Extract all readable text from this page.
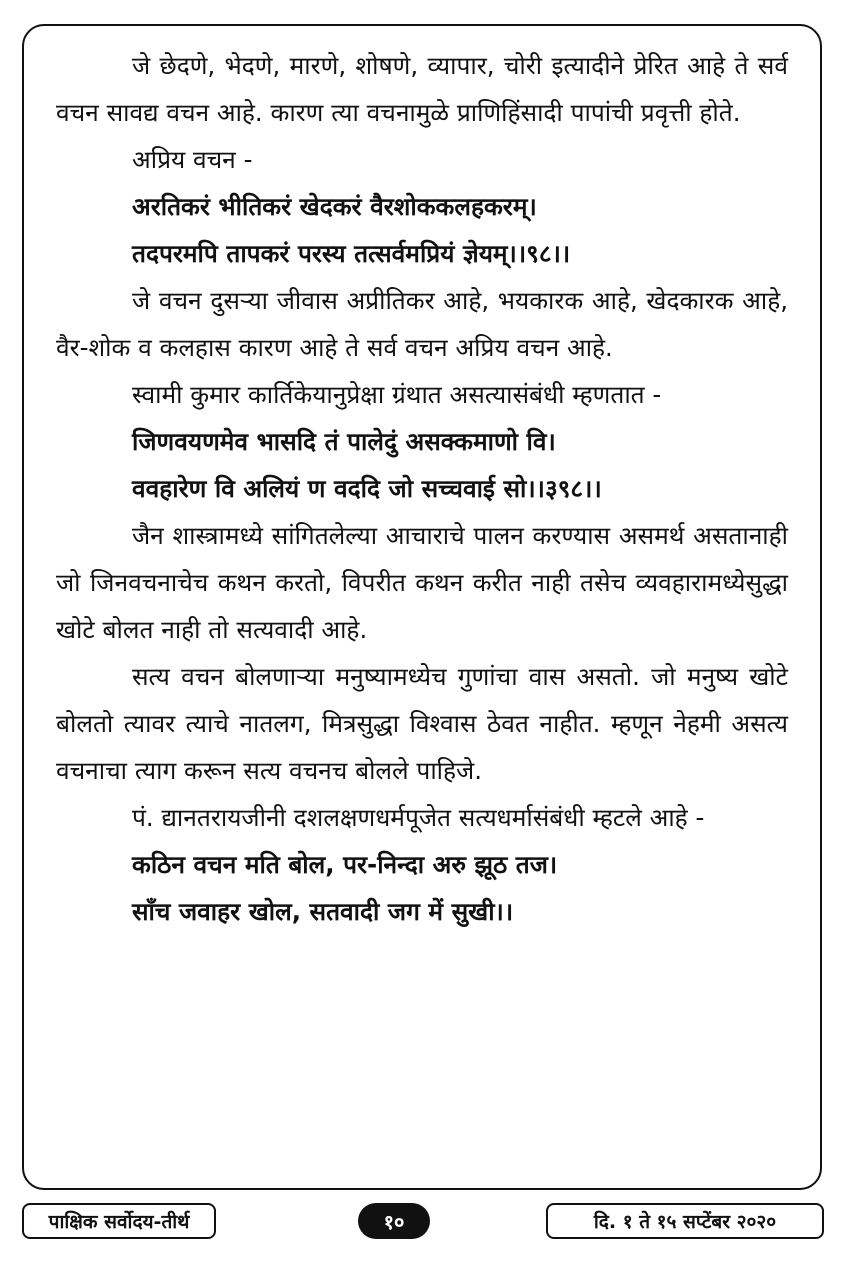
जे छेदणे, भेदणे, मारणे, शोषणे, व्यापार, चोरी इत्यादीने प्रेरित आहे ते सर्व वचन सावद्य वचन आहे. कारण त्या वचनामुळे प्राणिहिंसादी पापांची प्रवृत्ती होते.

अप्रिय वचन -

अरतिकरं भीतिकरं खेदकरं वैरशोककलहकरम्।

तदपरमपि तापकरं परस्य तत्सर्वमप्रियं ज्ञेयम्।।९८।।

जे वचन दुसऱ्या जीवास अप्रीतिकर आहे, भयकारक आहे, खेदकारक आहे, वैर-शोक व कलहास कारण आहे ते सर्व वचन अप्रिय वचन आहे.

स्वामी कुमार कार्तिकेयानुप्रेक्षा ग्रंथात असत्यासंबंधी म्हणतात -

जिणवयणमेव भासदि तं पालेदुं असक्कमाणो वि।

ववहारेण वि अलियं ण वददि जो सच्चवाई सो।।३९८।।

जैन शास्त्रामध्ये सांगितलेल्या आचाराचे पालन करण्यास असमर्थ असतानाही जो जिनवचनाचेच कथन करतो, विपरीत कथन करीत नाही तसेच व्यवहारामध्येसुद्धा खोटे बोलत नाही तो सत्यवादी आहे.

सत्य वचन बोलणाऱ्या मनुष्यामध्येच गुणांचा वास असतो. जो मनुष्य खोटे बोलतो त्यावर त्याचे नातलग, मित्रसुद्धा विश्वास ठेवत नाहीत. म्हणून नेहमी असत्य वचनाचा त्याग करून सत्य वचनच बोलले पाहिजे.

पं. द्यानतरायजीनी दशलक्षणधर्मपूजेत सत्यधर्मासंबंधी म्हटले आहे -

कठिन वचन मति बोल, पर-निन्दा अरु झूठ तज।

साँच जवाहर खोल, सतवादी जग में सुखी।।

पाक्षिक सर्वोदय-तीर्थ	१०	दि. १ ते १५ सप्टेंबर २०२०
